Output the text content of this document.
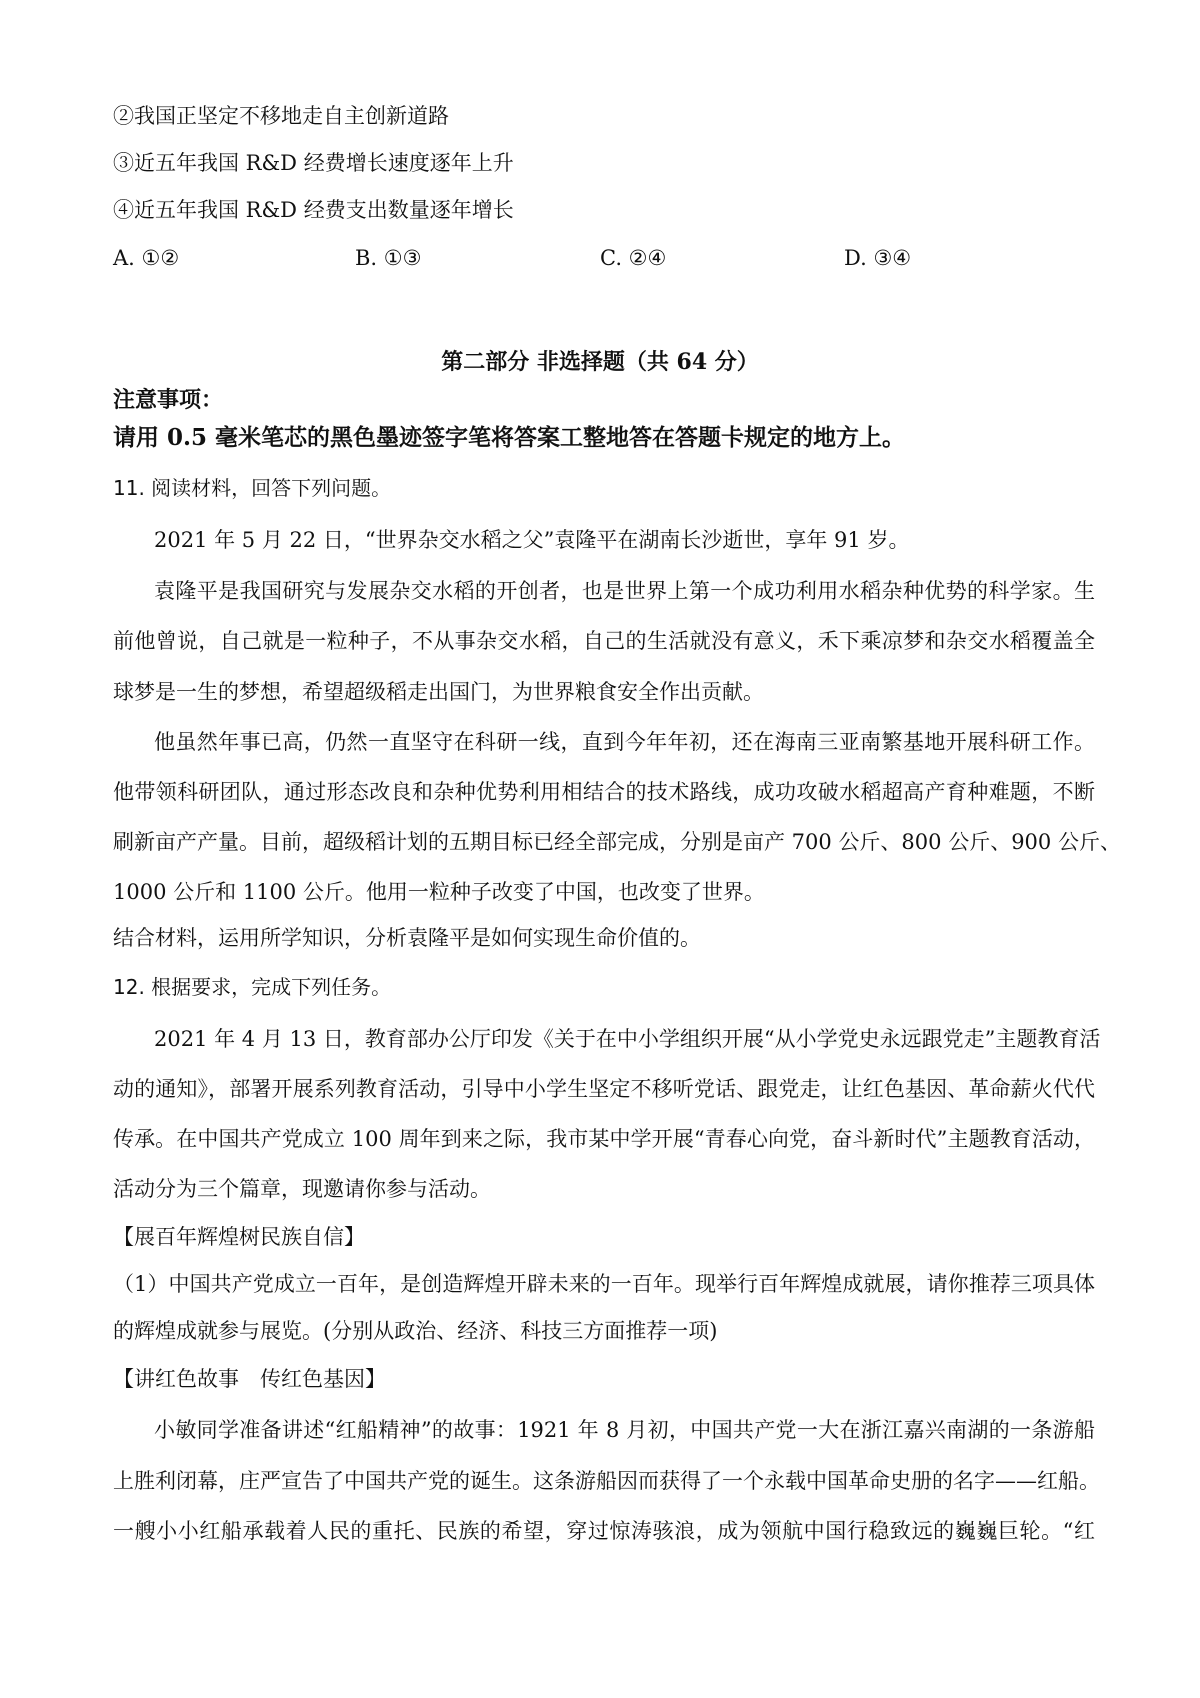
②我国正坚定不移地走自主创新道路
③近五年我国 R&D 经费增长速度逐年上升
④近五年我国 R&D 经费支出数量逐年增长
A. ①②	B. ①③	C. ②④	D. ③④
第二部分 非选择题（共 64 分）
注意事项：
请用 0.5 毫米笔芯的黑色墨迹签字笔将答案工整地答在答题卡规定的地方上。
11. 阅读材料，回答下列问题。
2021 年 5 月 22 日，“世界杂交水稻之父”袁隆平在湖南长沙逝世，享年 91 岁。
袁隆平是我国研究与发展杂交水稻的开创者，也是世界上第一个成功利用水稻杂种优势的科学家。生
前他曾说，自己就是一粒种子，不从事杂交水稻，自己的生活就没有意义，禾下乘凉梦和杂交水稻覆盖全
球梦是一生的梦想，希望超级稻走出国门，为世界粮食安全作出贡献。
他虽然年事已高，仍然一直坚守在科研一线，直到今年年初，还在海南三亚南繁基地开展科研工作。
他带领科研团队，通过形态改良和杂种优势利用相结合的技术路线，成功攻破水稻超高产育种难题，不断
刷新亩产产量。目前，超级稻计划的五期目标已经全部完成，分别是亩产 700 公斤、800 公斤、900 公斤、
1000 公斤和 1100 公斤。他用一粒种子改变了中国，也改变了世界。
结合材料，运用所学知识，分析袁隆平是如何实现生命价值的。
12. 根据要求，完成下列任务。
2021 年 4 月 13 日，教育部办公厅印发《关于在中小学组织开展“从小学党史永远跟党走”主题教育活
动的通知》，部署开展系列教育活动，引导中小学生坚定不移听党话、跟党走，让红色基因、革命薪火代代
传承。在中国共产党成立 100 周年到来之际，我市某中学开展“青春心向党，奋斗新时代”主题教育活动，
活动分为三个篇章，现邀请你参与活动。
【展百年辉煌树民族自信】
（1）中国共产党成立一百年，是创造辉煌开辟未来的一百年。现举行百年辉煌成就展，请你推荐三项具体
的辉煌成就参与展览。(分别从政治、经济、科技三方面推荐一项)
【讲红色故事　传红色基因】
小敏同学准备讲述“红船精神”的故事：1921 年 8 月初，中国共产党一大在浙江嘉兴南湖的一条游船
上胜利闭幕，庄严宣告了中国共产党的诞生。这条游船因而获得了一个永载中国革命史册的名字——红船。
一艘小小红船承载着人民的重托、民族的希望，穿过惊涛骇浪，成为领航中国行稳致远的巍巍巨轮。“红
